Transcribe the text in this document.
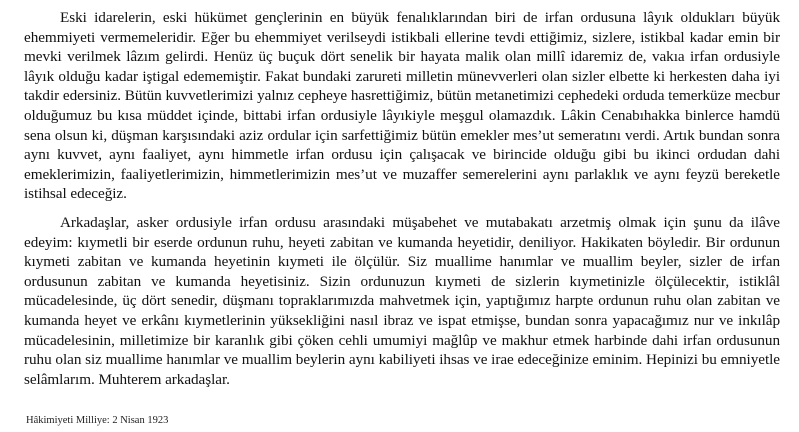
Eski idarelerin, eski hükümet gençlerinin en büyük fenalıklarından biri de irfan ordusuna lâyık oldukları büyük ehemmiyeti vermemeleridir. Eğer bu ehemmiyet verilseydi istikbali ellerine tevdi ettiğimiz, sizlere, istikbal kadar emin bir mevki verilmek lâzım gelirdi. Henüz üç buçuk dört senelik bir hayata malik olan millî idaremiz de, vakıa irfan ordusiyle lâyık olduğu kadar iştigal edememiştir. Fakat bundaki zarureti milletin münevverleri olan sizler elbette ki herkesten daha iyi takdir edersiniz. Bütün kuvvetlerimizi yalnız cepheye hasrettiğimiz, bütün metanetimizi cephedeki orduda temerküze mecbur olduğumuz bu kısa müddet içinde, bittabi irfan ordusiyle lâyıkiyle meşgul olamazdık. Lâkin Cenabıhakka binlerce hamdü sena olsun ki, düşman karşısındaki aziz ordular için sarfettiğimiz bütün emekler mes’ut semeratını verdi. Artık bundan sonra aynı kuvvet, aynı faaliyet, aynı himmetle irfan ordusu için çalışacak ve birincide olduğu gibi bu ikinci ordudan dahi emeklerimizin, faaliyetlerimizin, himmetlerimizin mes’ut ve muzaffer semerelerini aynı parlaklık ve aynı feyzü bereketle istihsal edeceğiz.

Arkadaşlar, asker ordusiyle irfan ordusu arasındaki müşabehet ve mutabakatı arzetmiş olmak için şunu da ilâve edeyim: kıymetli bir eserde ordunun ruhu, heyeti zabitan ve kumanda heyetidir, deniliyor. Hakikaten böyledir. Bir ordunun kıymeti zabitan ve kumanda heyetinin kıymeti ile ölçülür. Siz muallime hanımlar ve muallim beyler, sizler de irfan ordusunun zabitan ve kumanda heyetisiniz. Sizin ordunuzun kıymeti de sizlerin kıymetinizle ölçülecektir, istiklâl mücadelesinde, üç dört senedir, düşmanı topraklarımızda mahvetmek için, yaptığımız harpte ordunun ruhu olan zabitan ve kumanda heyet ve erkânı kıymetlerinin yüksekliğini nasıl ibraz ve ispat etmişse, bundan sonra yapacağımız nur ve inkılâp mücadelesinin, milletimize bir karanlık gibi çöken cehli umumiyi mağlûp ve makhur etmek harbinde dahi irfan ordusunun ruhu olan siz muallime hanımlar ve muallim beylerin aynı kabiliyeti ihsas ve irae edeceğinize eminim. Hepinizi bu emniyetle selâmlarım. Muhterem arkadaşlar.

Hâkimiyeti Milliye: 2 Nisan 1923
